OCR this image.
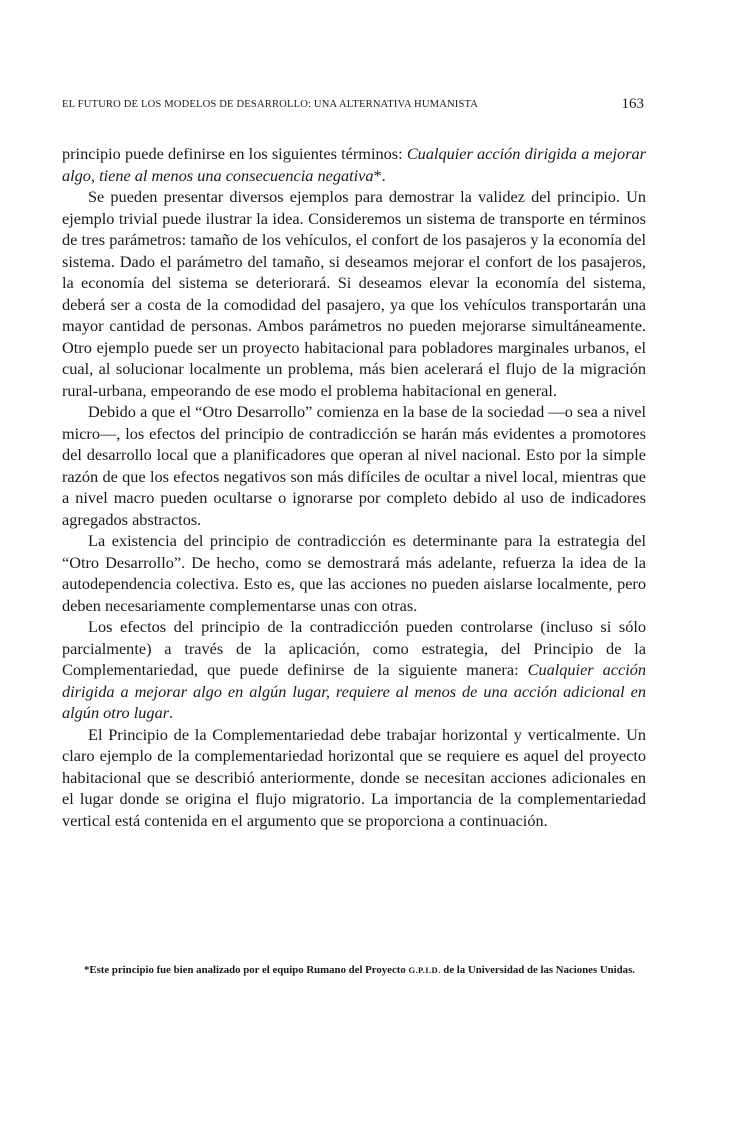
EL FUTURO DE LOS MODELOS DE DESARROLLO: UNA ALTERNATIVA HUMANISTA	163

principio puede definirse en los siguientes términos: Cualquier acción dirigida a mejorar algo, tiene al menos una consecuencia negativa*.

Se pueden presentar diversos ejemplos para demostrar la validez del principio. Un ejemplo trivial puede ilustrar la idea. Consideremos un sistema de transporte en términos de tres parámetros: tamaño de los vehículos, el confort de los pasajeros y la economía del sistema. Dado el parámetro del tamaño, si deseamos mejorar el confort de los pasajeros, la economía del sistema se deteriorará. Si deseamos elevar la economía del sistema, deberá ser a costa de la comodidad del pasajero, ya que los vehículos transportarán una mayor cantidad de personas. Ambos parámetros no pueden mejorarse simultáneamente. Otro ejemplo puede ser un proyecto habitacional para pobladores marginales urbanos, el cual, al solucionar localmente un problema, más bien acelerará el flujo de la migración rural-urbana, empeorando de ese modo el problema habitacional en general.

Debido a que el “Otro Desarrollo” comienza en la base de la sociedad —o sea a nivel micro—, los efectos del principio de contradicción se harán más evidentes a promotores del desarrollo local que a planificadores que operan al nivel nacional. Esto por la simple razón de que los efectos negativos son más difíciles de ocultar a nivel local, mientras que a nivel macro pueden ocultarse o ignorarse por completo debido al uso de indicadores agregados abstractos.

La existencia del principio de contradicción es determinante para la estrategia del “Otro Desarrollo”. De hecho, como se demostrará más adelante, refuerza la idea de la autodependencia colectiva. Esto es, que las acciones no pueden aislarse localmente, pero deben necesariamente complementarse unas con otras.

Los efectos del principio de la contradicción pueden controlarse (incluso si sólo parcialmente) a través de la aplicación, como estrategia, del Principio de la Complementariedad, que puede definirse de la siguiente manera: Cualquier acción dirigida a mejorar algo en algún lugar, requiere al menos de una acción adicional en algún otro lugar.

El Principio de la Complementariedad debe trabajar horizontal y verticalmente. Un claro ejemplo de la complementariedad horizontal que se requiere es aquel del proyecto habitacional que se describió anteriormente, donde se necesitan acciones adicionales en el lugar donde se origina el flujo migratorio. La importancia de la complementariedad vertical está contenida en el argumento que se proporciona a continuación.

*Este principio fue bien analizado por el equipo Rumano del Proyecto G.P.I.D. de la Universidad de las Naciones Unidas.
